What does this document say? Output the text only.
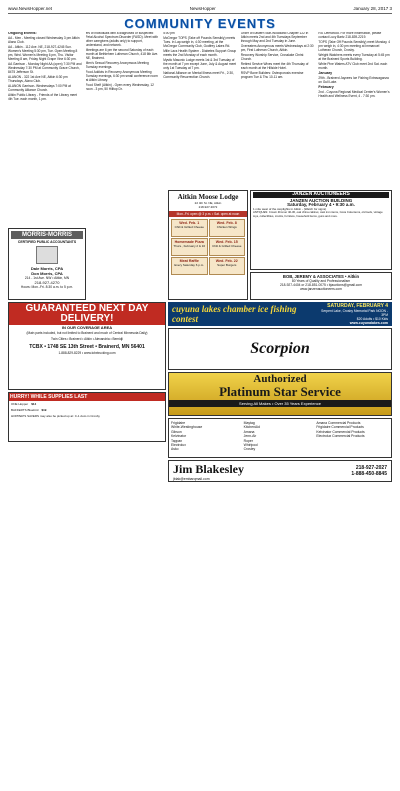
www.NewsHopper.net	NewsHopper	January 28, 2017 3
COMMUNITY EVENTS
Ongoing Events:

AA - Men - Meeting closed Wednesday 3 pm Aitkin Alano Club.

AA - Aitkin - 112 Ave. NE, 218-927-4245 Sun. Women's Meeting 5:30 pm, Tue. Open Meeting 8 pm, Wed. Women's Meeting 6 pm, Thu. Visitor Meeting 8 am, Friday Night Grape Vine 6:30 pm.

AA Garrison - Monday Night AA (open) 7:30 PM and Wednesday 7:30 PM at Community Grace Church, 8475 Jefferson St.

ALANON - 322 1st Ave NE, Aitkin 6:30 pm Thursdays, Alano Club.

ALANON Garrison- Wednesdays 7:00 PM at Community Alliance Church.

Aitkin Public Library - Friends of the Library meet 4th Tue. each month, 1 pm.

ers of individuals with a diagnosed or suspected Fetal Alcohol Spectrum Disorder (FASD). Meet with other caregivers (adults only) to support, understand, and network.

Meetings are 6 pm the second Saturday of each month at Bethlehem Lutheran Church, 418 6th Ave. NE, Brainerd.

Men's Sexual Recovery Anonymous Meeting Tuesday evenings.

Food Addicts in Recovery Anonymous Meeting Tuesday evenings, 6:30 pm small conference room at Aitkin Library.

Food Shelf (Aitkin) - Open every Wednesday, 12 noon - 3 pm, 50 Hilltop Dr.

5:00 pm

McGregor TOPS (Take off Pounds Sensibly) meets Tues. in Lap-weigh in, 4:30 meeting, at the McGregor Community Club, Godfrey Lakes Rd.

Mille Lacs Health System - Diabetes Support Group meets the 2nd Monday of each month.

Mystic Masonic Lodge meets 1st & 3rd Tuesday of the month at 7 pm except June, July & August meet only 1st Tuesday at 7 pm.

National Alliance on Mental Illness meet Fri., 2:30, Community Resurrection Church.

Order of Eastern Star-Woodland Chapter 122 in Aitkin meets 2nd and 4th Tuesdays September through May and 2nd Tuesday in June.

Overeaters Anonymous meets Wednesdays at 2:30 pm, First Lutheran Church, Aitkin.

Recovery Worship Service, Crosslake Christ Church.

Retired Service Wives meet the 4th Thursday of each month at the Hillside Hotel.

RSVP Bone Builders: Osteoporosis exercise program Tue & Thu 10-11 am.

Rd. Deerwood. For more information, please contact Lucy Bartz 218-839-2219.

TOPS (Take Off Pounds Sensibly) meet Monday, 4 pm weigh in, 4:30 pm meeting at Immanuel Lutheran Church, Crosby.

Weight Watchers meets every Tuesday at 5:45 pm at the Brainerd Sports Building.

White Pine Waters ATV Club meet 2nd Sat. each month.

January

29th - Brainerd Jaycees Ice Fishing Extravaganza on Gull Lake.

February

2nd - Cuyuna Regional Medical Center's Women's Health and Wellness Event, 4 - 7:30 pm.

MORRIS-MORRIS
CERTIFIED PUBLIC ACCOUNTANTS
Dale Morris, CPA
Don Morris, CPA
214 - 1st Ave. NW • Aitkin, MN
218-927-4270
Hours: Mon.-Fri. 8:30 a.m. to 5 p.m.
Aitkin Moose Lodge
22 4th St. NE, Aitkin
218-927-3072
Mon.-Fri. open @ 3 p.m. • Sat. open at noon
Wed. Feb. 1
Chili & Grilled Cheese
Wed. Feb. 8
Chicken Wings
Homemade Pizza
Thurs., February 2 & 16
Wed. Feb. 15
Chili & Grilled Cheese
Meat Raffle
Every Saturday 6 p.m.
Wed. Feb. 22
Super Burgers
JANZEN AUCTIONEERS
JANZEN AUCTION BUILDING
Saturday, February 4 • 9:30 a.m.
1 mile west of the stoplights in Aitkin - (Watch for signs)
ANTIQUES: Crown Zimmer 40-30, oak china cabinet, cast iron items, Coca Cola items, old tools, vintage toys, collectibles, crocks, furniture, household items, guns and more.
BOB, JEREMY & ASSOCIATES • Aitkin
80 Years of Quality and Professionalism
218-927-4404 or 218-851-0075 • bjauctions@gmail.com
www.janzenauctioneers.com
GUARANTEED NEXT DAY DELIVERY!
IN OUR COVERAGE AREA
(Main parts included, but not limited to Brainerd and much of Central Minnesota Daily)
Twin Cities • Brainerd • Aitkin • Alexandria • Bemidji
TCBX • 1748 SE 13th Street • Brainerd, MN 56401
1-888-829-8229 • www.tcbxtrucking.com
HURRY! WHILE SUPPLIES LAST
ONE Hopper $14
BAFFERTS Bluebird $19
HOPPER'S SAVERS may also be picked up at: C-1 Auto in Crosby
cuyuna lakes chamber ice fishing contest
SATURDAY, FEBRUARY 4
Serpent Lake, Crosby Memorial Park NOON - 3PM
$20 Adults • $10 Kids
www.cuyunalakes.com
Scorpion
Authorized
Platinum Star Service
Serving All Makes • Over 35 Years Experience
Frigidaire
White-Westinghouse
Gibson
Kelvinator
Tappan
Electrolux
Asko
Maytag
KitchenAid
Amana
Jenn-Air
Roper
Whirlpool
Crosley
Amana Commercial Products
Frigidaire Commercial Products
Kelvinator Commercial Products
Electrolux Commercial Products
Jim Blakesley
jblak@embarqmail.com
218-927-2027
1-888-450-8845
